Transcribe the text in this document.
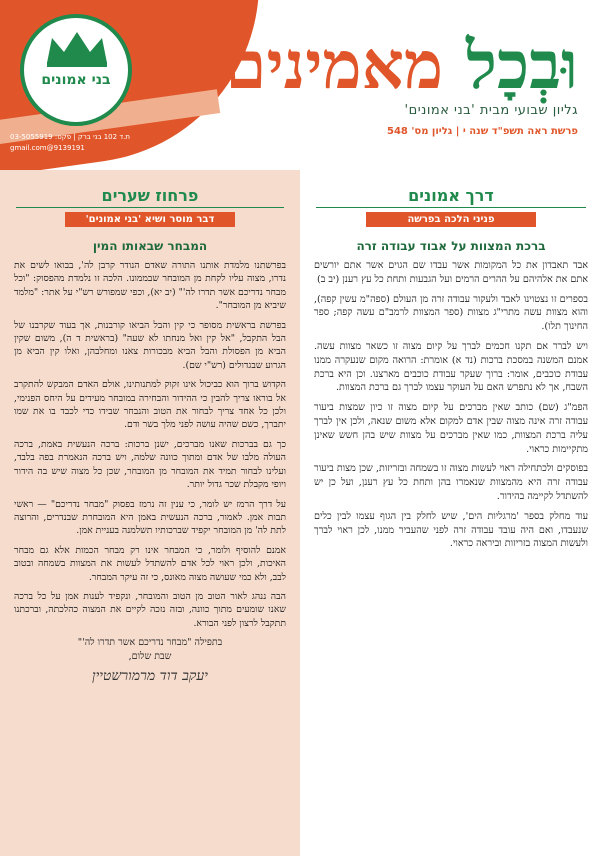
בני אמונים
ת.ד 102 בני ברק | פקס: 03-5055919
9139191@gmail.com
וּבְכָל מאמינים
גליון שבועי מבית 'בני אמונים'
פרשת ראה תשפ"ד שנה י | גליון מס' 548
דרך אמונים
פניני הלכה בפרשה
ברכת המצוות על אבוד עבודה זרה

אבד תאבדון את כל המקומות אשר עבדו שם הגוים אשר אתם יורשים אתם את אלהיהם על ההרים הרמים ועל הגבעות ותחת כל עץ רענן (יב ב)

בספרים זו נצטוינו לאבד ולעקור עבודה זרה מן העולם (ספה"מ עשין קפה), והוא מצוות עשה מתרי"ג מצוות (ספר המצוות לרמב"ם עשה קפה; ספר החינוך תלו).

ויש לברר אם תקנו חכמים לברך על קיום מצוה זו כשאר מצוות עשה. אמנם המשנה במסכת ברכות (נד א) אומרת: הרואה מקום שנעקרה ממנו עבודת כוכבים, אומר: ברוך שעקר עבודת כוכבים מארצנו. וכן היא ברכת השבח, אך לא נתפרש האם על העוקר עצמו לברך גם ברכת המצוות.

הפמ"ג (שם) כותב שאין מברכים על קיום מצוה זו כיון שמצות ביעור עבודה זרה אינה מצוה שבין אדם למקום אלא משום שנאה, ולכן אין לברך עליה ברכת המצוות, כמו שאין מברכים על מצוות שיש בהן חשש שאינן מתקיימות כראוי.

בפוסקים ולכתחילה ראוי לעשות מצוה זו בשמחה ובזריזות, שכן מצות ביעור עבודה זרה היא מהמצוות שנאמרו בהן ותחת כל עץ רענן, ועל כן יש להשתדל לקיימה בהידור.

עוד מחלק בספר 'מרגליות הים', שיש לחלק בין הגוף עצמו לבין כלים שנעבדו, ואם היה עובד עבודה זרה לפני שהעביר ממנו, לכן ראוי לברך ולעשות המצוה בזריזות וביראה כראוי.

פרחוז שערים
דבר מוסר ושיא 'בני אמונים'
המבחר שבאותו המין

בפרשתנו מלמדת אותנו התורה שאדם הנודר קרבן לה', בבואו לשים את נדרו, מצוה עליו לקחת מן המובחר שבממונו. הלכה זו נלמדת מהפסוק: "וכל מבחר נדריכם אשר תדרו לה'" (יב יא), וכפי שמפורש רש"י על אתר: "מלמד שיביא מן המובחר".

בפרשת בראשית מסופר כי קין והבל הביאו קורבנות, אך בעוד שקרבנו של הבל התקבל, "אל קין ואל מנחתו לא שעה" (בראשית ד ה), משום שקין הביא מן הפסולת והבל הביא מבכורות צאנו ומחלבהן, ואלו קין הביא מן הגרוע שבגדולים (רש"י שם).

הקדוש ברוך הוא כביכול אינו זקוק למתנותינו, אולם האדם המבקש להתקרב אל בוראו צריך להבין כי ההידור והבחירה במובחר מעידים על היחס הפנימי, ולכן כל אחד צריך לבחור את הטוב והנבחר שבידו כדי לכבד בו את שמו יתברך, כשם שהיה עושה לפני מלך בשר ודם.

כך גם בברכות שאנו מברכים, ישנן ברכות: ברכה הנעשית באמת, ברכה העולה מלבו של אדם ומתוך כוונה שלמה, ויש ברכה הנאמרת בפה בלבד, ועלינו לבחור תמיד את המובחר מן המובחר, שכן כל מצוה שיש בה הידור ויופי מקבלת שכר גדול יותר.

על דרך הרמז יש לומר, כי ענין זה נרמז בפסוק "מבחר נדריכם" — ראשי תבות אמן. לאמור, ברכה הנעשית באמן היא המובחרת שבנדרים, והרוצה לתת לה' מן המובחר יקפיד שברכותיו תשלמנה בעניית אמן.

אמנם להוסיף ולומר, כי המבחר אינו רק מבחר הכמות אלא גם מבחר האיכות, ולכן ראוי לכל אדם להשתדל לעשות את המצוות בשמחה ובטוב לבב, ולא כמי שעושה מצוה מאונס, כי זה עיקר המבחר.

הבה ננהג לאור הטוב מן הטוב והמובחר, ונקפיד לענות אמן על כל ברכה שאנו שומעים מתוך כוונה, ובזה נזכה לקיים את המצוה כהלכתה, וברכתנו תתקבל לרצון לפני הבורא.

בתפילה "מבחר נדריכם אשר תדרו לה'"
שבת שלום,
יעקב דוד מרמורשטיין
